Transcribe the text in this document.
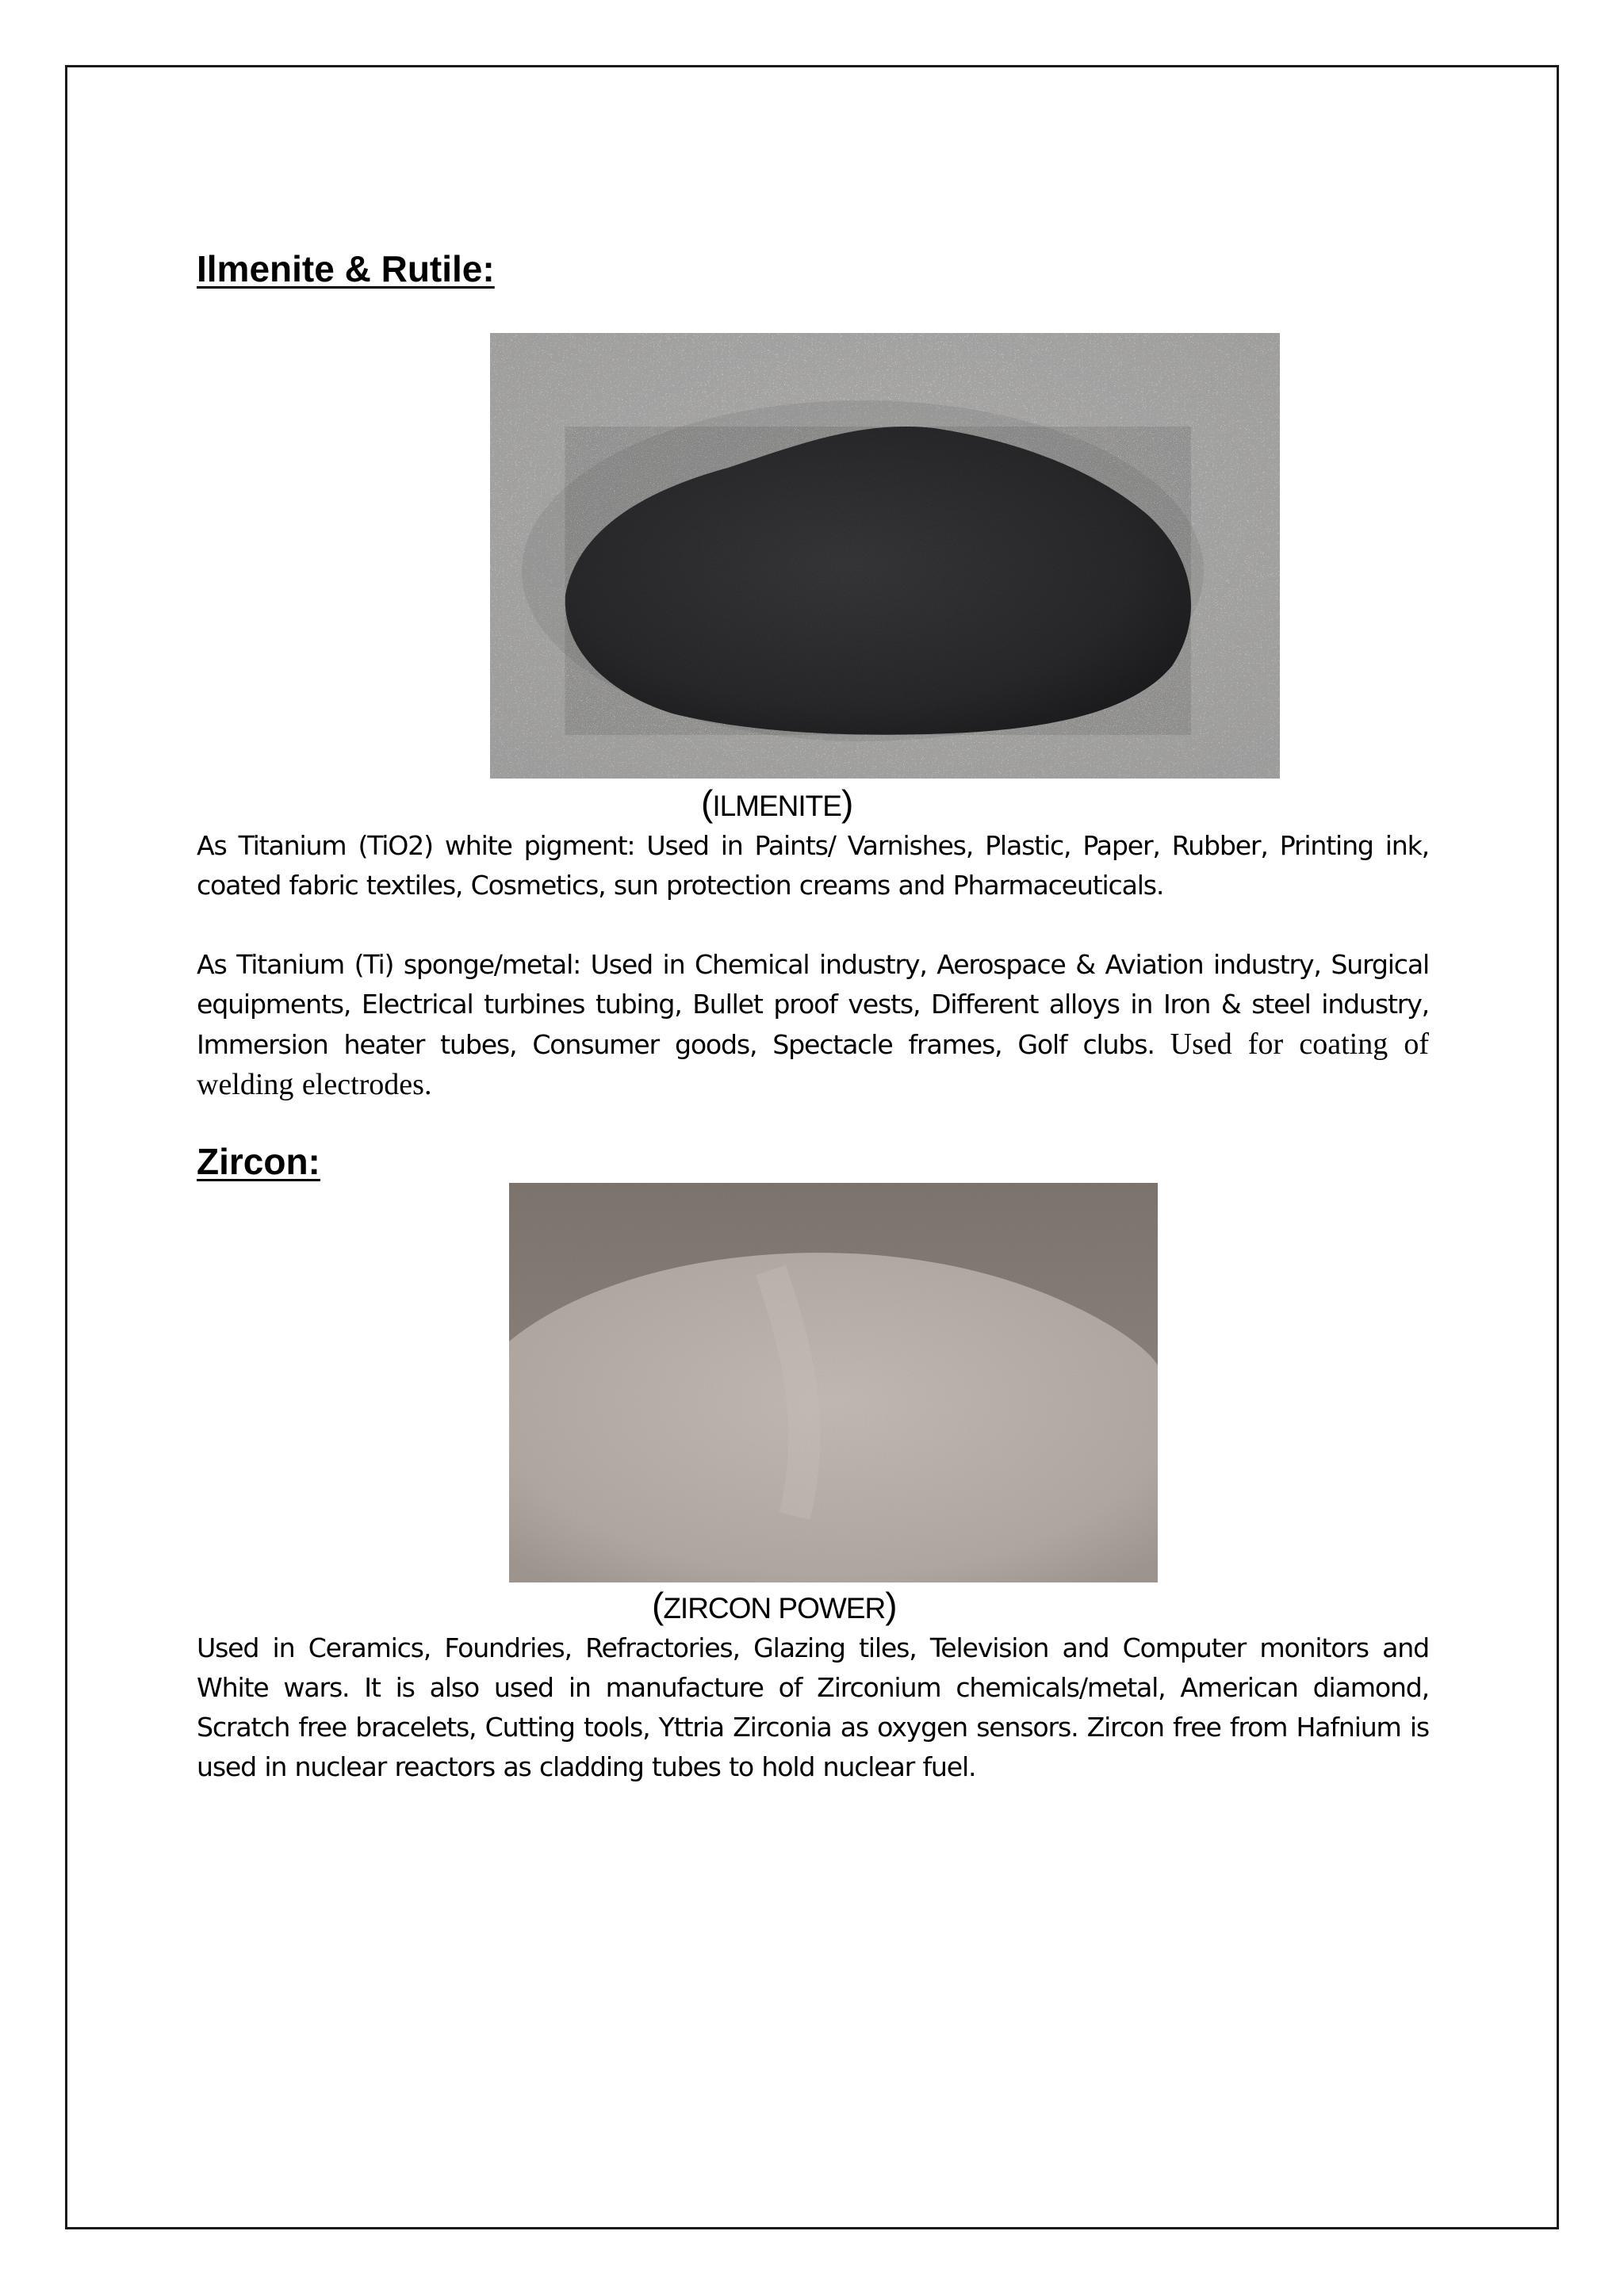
Ilmenite & Rutile:
(ILMENITE)

As Titanium (TiO2) white pigment: Used in Paints/ Varnishes, Plastic, Paper, Rubber, Printing ink, coated fabric textiles, Cosmetics, sun protection creams and Pharmaceuticals.

As Titanium (Ti) sponge/metal: Used in Chemical industry, Aerospace & Aviation industry, Surgical equipments, Electrical turbines tubing, Bullet proof vests, Different alloys in Iron & steel industry, Immersion heater tubes, Consumer goods, Spectacle frames, Golf clubs. Used for coating of welding electrodes.

Zircon:
(ZIRCON POWER)

Used in Ceramics, Foundries, Refractories, Glazing tiles, Television and Computer monitors and White wars. It is also used in manufacture of Zirconium chemicals/metal, American diamond, Scratch free bracelets, Cutting tools, Yttria Zirconia as oxygen sensors. Zircon free from Hafnium is used in nuclear reactors as cladding tubes to hold nuclear fuel.
